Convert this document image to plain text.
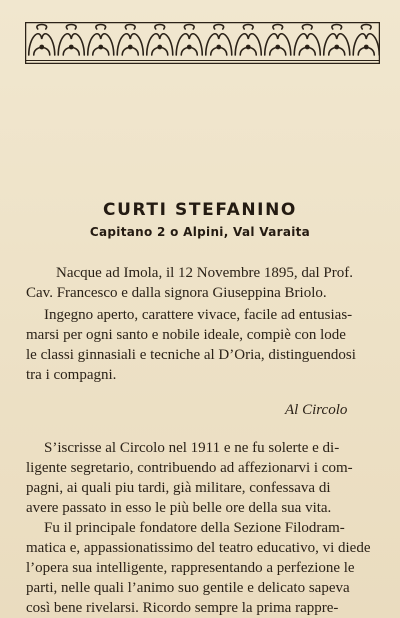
CURTI STEFANINO
Capitano 2 o Alpini, Val Varaita

Nacque ad Imola, il 12 Novembre 1895, dal Prof.

Cav. Francesco e dalla signora Giuseppina Briolo.

Ingegno aperto, carattere vivace, facile ad entusias-

marsi per ogni santo e nobile ideale, compiè con lode

le classi ginnasiali e tecniche al D’Oria, distinguendosi

tra i compagni.

Al Circolo

S’iscrisse al Circolo nel 1911 e ne fu solerte e di-

ligente segretario, contribuendo ad affezionarvi i com-

pagni, ai quali piu tardi, già militare, confessava di

avere passato in esso le più belle ore della sua vita.

Fu il principale fondatore della Sezione Filodram-

matica e, appassionatissimo del teatro educativo, vi diede

l’opera sua intelligente, rappresentando a perfezione le

parti, nelle quali l’animo suo gentile e delicato sapeva

così bene rivelarsi. Ricordo sempre la prima rappre-
